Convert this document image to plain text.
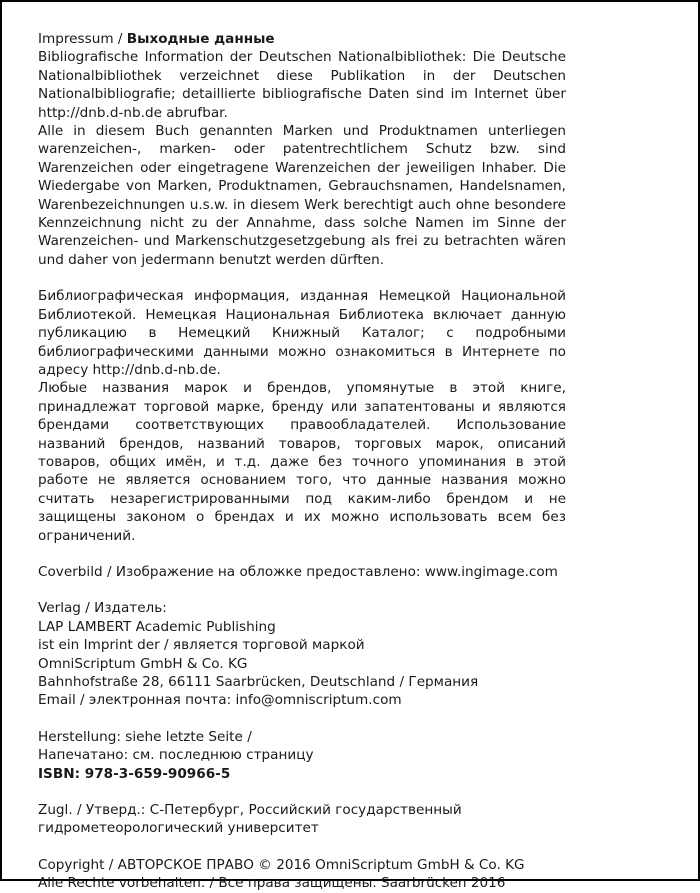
Impressum / Выходные данные

Bibliografische Information der Deutschen Nationalbibliothek: Die Deutsche Nationalbibliothek verzeichnet diese Publikation in der Deutschen Nationalbibliografie; detaillierte bibliografische Daten sind im Internet über http://dnb.d-nb.de abrufbar.

Alle in diesem Buch genannten Marken und Produktnamen unterliegen warenzeichen-, marken- oder patentrechtlichem Schutz bzw. sind Warenzeichen oder eingetragene Warenzeichen der jeweiligen Inhaber. Die Wiedergabe von Marken, Produktnamen, Gebrauchsnamen, Handelsnamen, Warenbezeichnungen u.s.w. in diesem Werk berechtigt auch ohne besondere Kennzeichnung nicht zu der Annahme, dass solche Namen im Sinne der Warenzeichen- und Markenschutzgesetzgebung als frei zu betrachten wären und daher von jedermann benutzt werden dürften.

Библиографическая информация, изданная Немецкой Национальной Библиотекой. Немецкая Национальная Библиотека включает данную публикацию в Немецкий Книжный Каталог; с подробными библиографическими данными можно ознакомиться в Интернете по адресу http://dnb.d-nb.de.

Любые названия марок и брендов, упомянутые в этой книге, принадлежат торговой марке, бренду или запатентованы и являются брендами соответствующих правообладателей. Использование названий брендов, названий товаров, торговых марок, описаний товаров, общих имён, и т.д. даже без точного упоминания в этой работе не является основанием того, что данные названия можно считать незарегистрированными под каким-либо брендом и не защищены законом о брендах и их можно использовать всем без ограничений.

Coverbild / Изображение на обложке предоставлено: www.ingimage.com

Verlag / Издатель:

LAP LAMBERT Academic Publishing

ist ein Imprint der / является торговой маркой

OmniScriptum GmbH & Co. KG

Bahnhofstraße 28, 66111 Saarbrücken, Deutschland / Германия

Email / электронная почта: info@omniscriptum.com

Herstellung: siehe letzte Seite /

Напечатано: см. последнюю страницу

ISBN: 978-3-659-90966-5

Zugl. / Утверд.: С-Петербург, Российский государственный гидрометеорологический университет

Copyright / АВТОРСКОЕ ПРАВО © 2016 OmniScriptum GmbH & Co. KG

Alle Rechte vorbehalten. / Все права защищены. Saarbrücken 2016
